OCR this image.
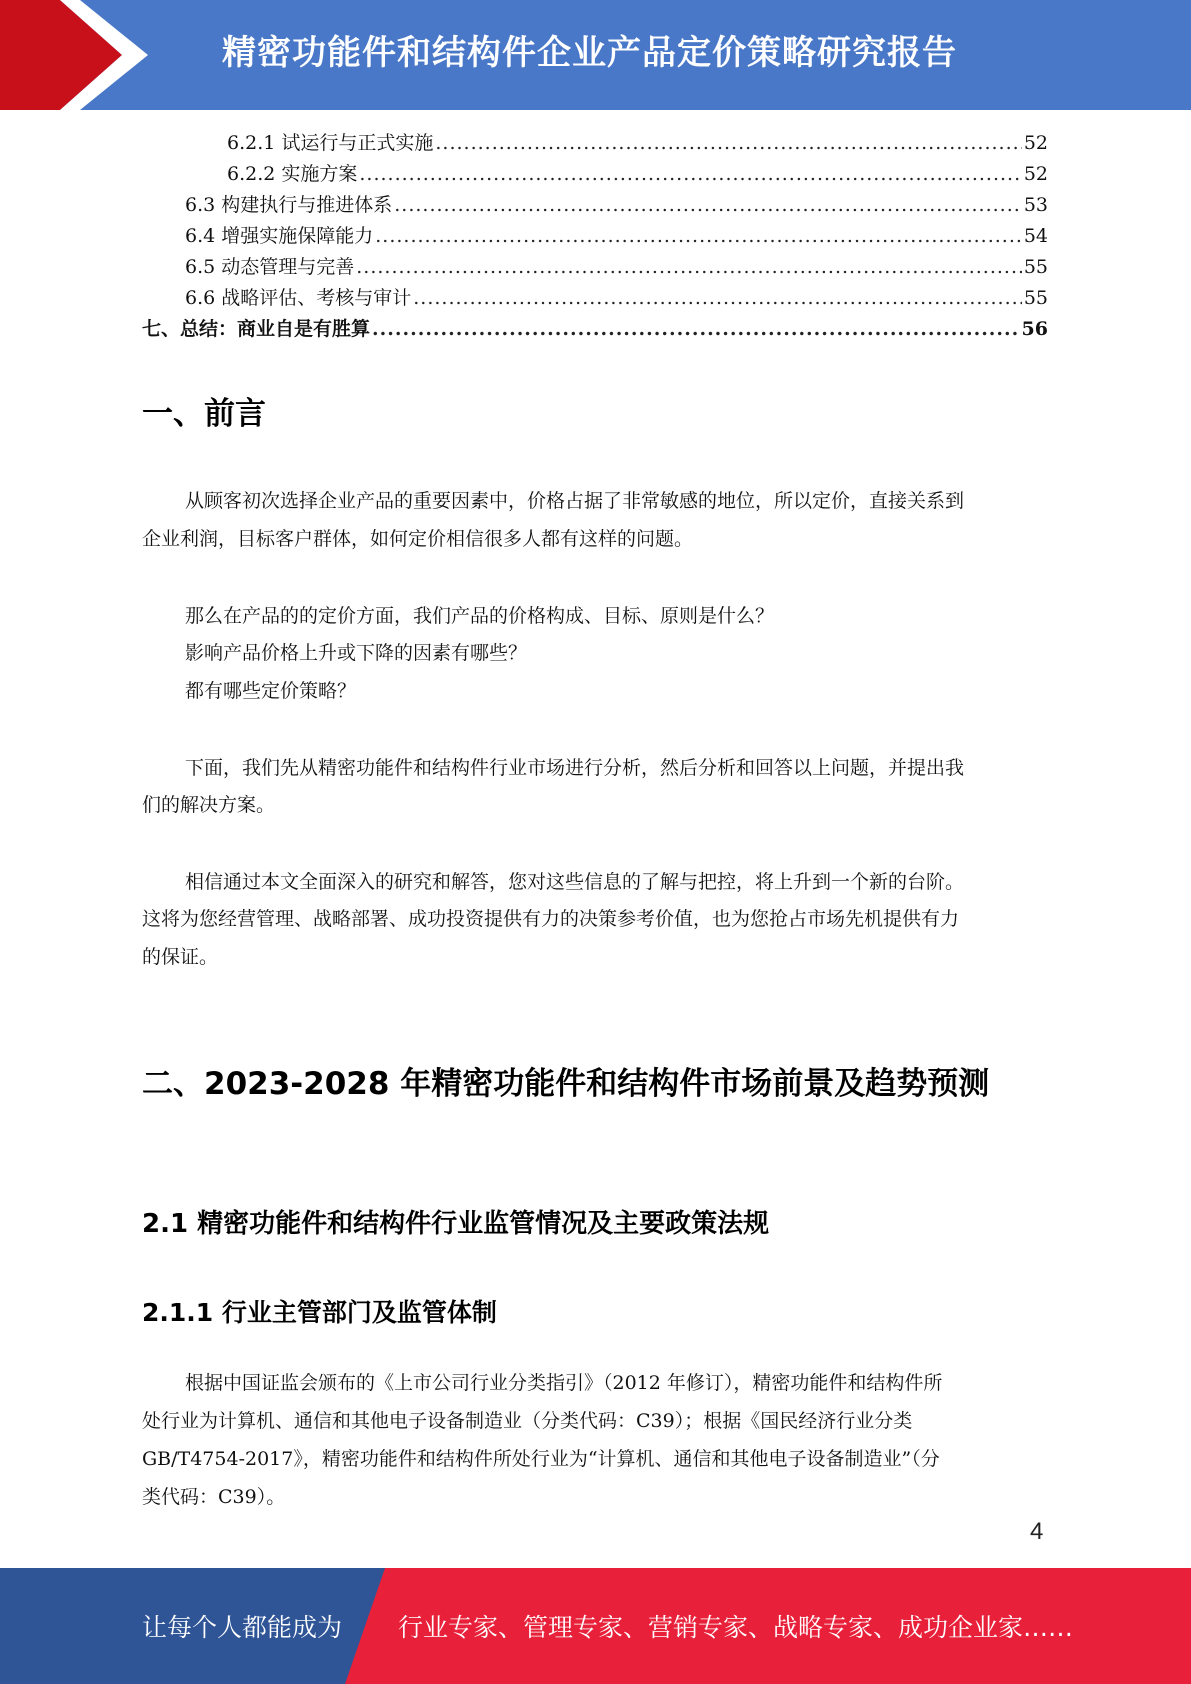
精密功能件和结构件企业产品定价策略研究报告
6.2.1 试运行与正式实施 .....	52
6.2.2 实施方案 .....	52
6.3 构建执行与推进体系 .....	53
6.4 增强实施保障能力 .....	54
6.5 动态管理与完善 .....	55
6.6 战略评估、考核与审计 .....	55
七、总结：商业自是有胜算 .....	56
一、前言
从顾客初次选择企业产品的重要因素中，价格占据了非常敏感的地位，所以定价，直接关系到
企业利润，目标客户群体，如何定价相信很多人都有这样的问题。
那么在产品的的定价方面，我们产品的价格构成、目标、原则是什么？
影响产品价格上升或下降的因素有哪些？
都有哪些定价策略？
下面，我们先从精密功能件和结构件行业市场进行分析，然后分析和回答以上问题，并提出我
们的解决方案。
相信通过本文全面深入的研究和解答，您对这些信息的了解与把控，将上升到一个新的台阶。
这将为您经营管理、战略部署、成功投资提供有力的决策参考价值，也为您抢占市场先机提供有力
的保证。
二、2023-2028 年精密功能件和结构件市场前景及趋势预测
2.1 精密功能件和结构件行业监管情况及主要政策法规
2.1.1 行业主管部门及监管体制
根据中国证监会颁布的《上市公司行业分类指引》（2012 年修订），精密功能件和结构件所
处行业为计算机、通信和其他电子设备制造业（分类代码：C39）；根据《国民经济行业分类
GB/T4754-2017》，精密功能件和结构件所处行业为“计算机、通信和其他电子设备制造业”（分
类代码：C39）。
4
让每个人都能成为 行业专家、管理专家、营销专家、战略专家、成功企业家……
